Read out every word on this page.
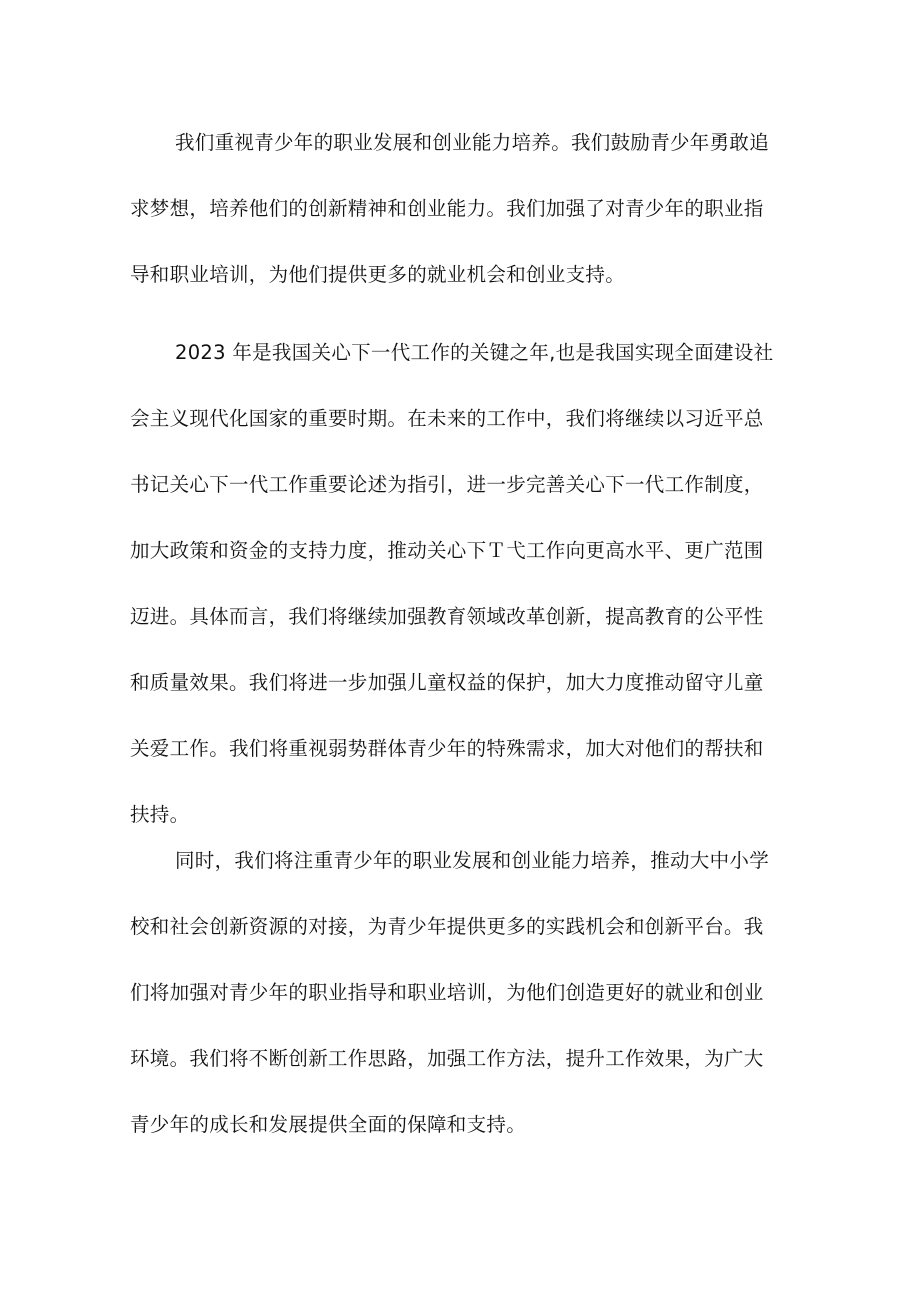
我们重视青少年的职业发展和创业能力培养。我们鼓励青少年勇敢追
求梦想，培养他们的创新精神和创业能力。我们加强了对青少年的职业指
导和职业培训，为他们提供更多的就业机会和创业支持。
2023 年是我国关心下一代工作的关键之年,也是我国实现全面建设社
会主义现代化国家的重要时期。在未来的工作中，我们将继续以习近平总
书记关心下一代工作重要论述为指引，进一步完善关心下一代工作制度，
加大政策和资金的支持力度，推动关心下Ｔ弋工作向更高水平、更广范围
迈进。具体而言，我们将继续加强教育领域改革创新，提高教育的公平性
和质量效果。我们将进一步加强儿童权益的保护，加大力度推动留守儿童
关爱工作。我们将重视弱势群体青少年的特殊需求，加大对他们的帮扶和
扶持。
同时，我们将注重青少年的职业发展和创业能力培养，推动大中小学
校和社会创新资源的对接，为青少年提供更多的实践机会和创新平台。我
们将加强对青少年的职业指导和职业培训，为他们创造更好的就业和创业
环境。我们将不断创新工作思路，加强工作方法，提升工作效果，为广大
青少年的成长和发展提供全面的保障和支持。
